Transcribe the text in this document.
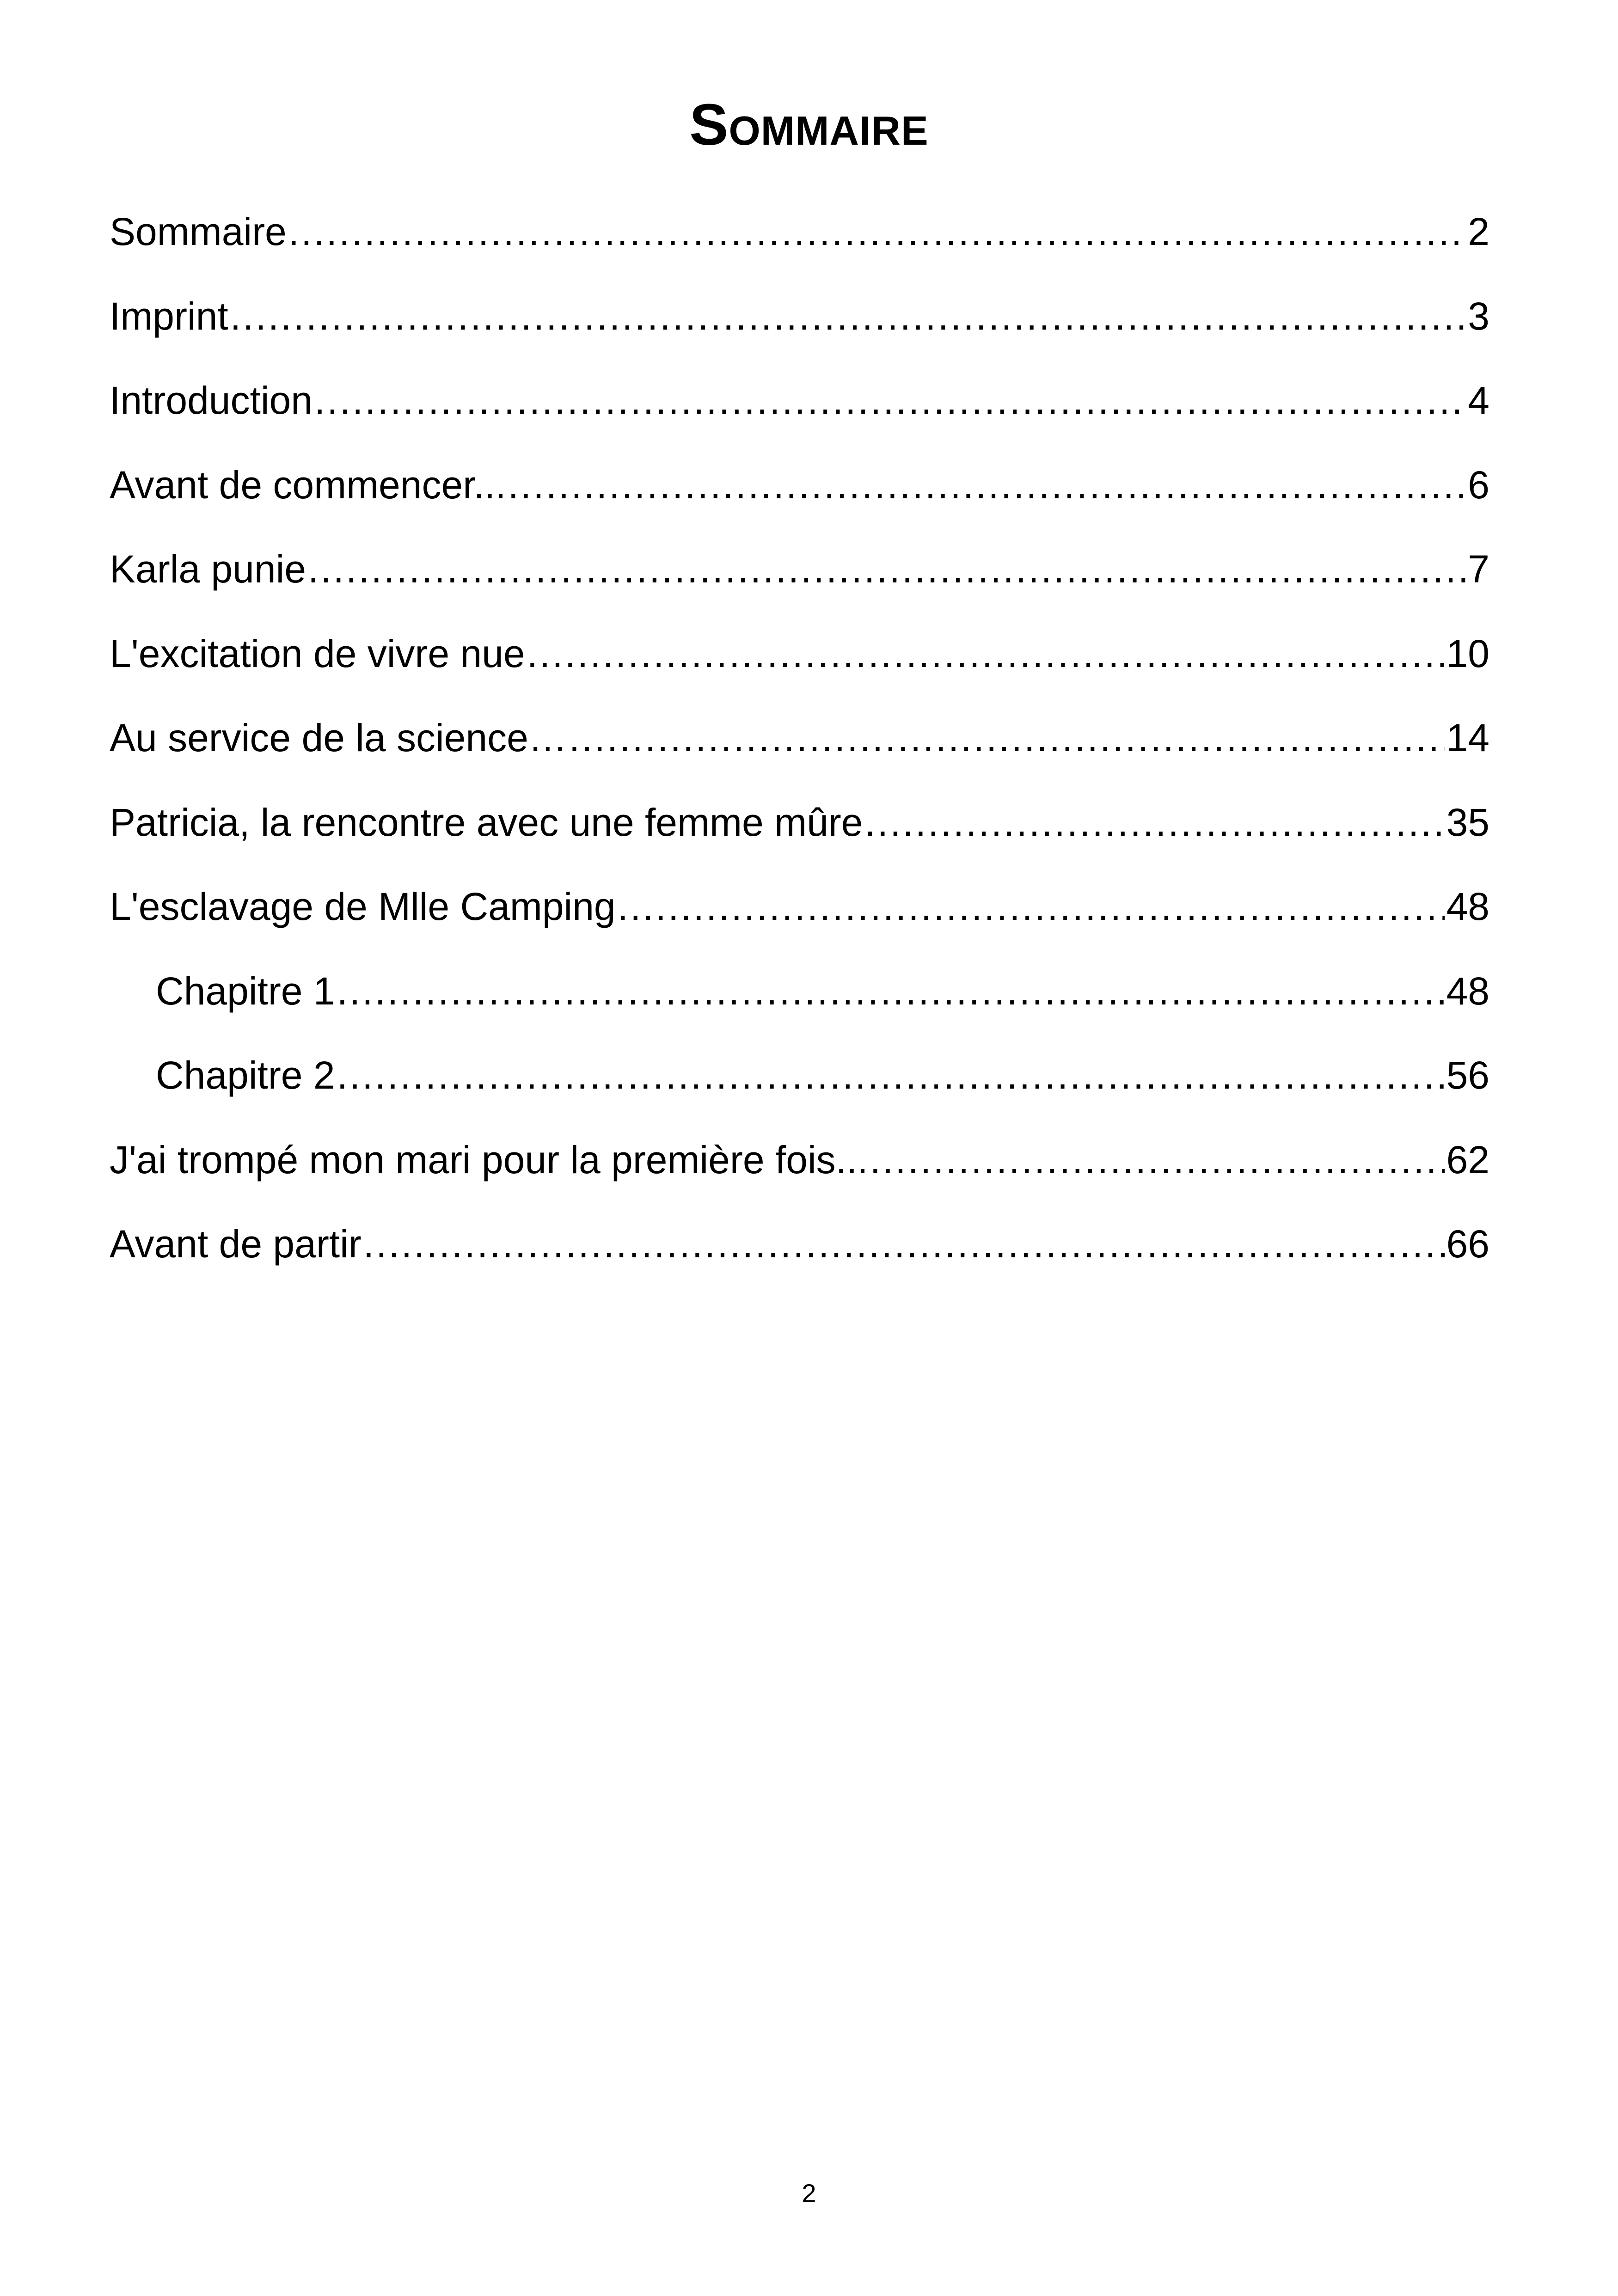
Sommaire
Sommaire .....	2
Imprint .....	3
Introduction .....	4
Avant de commencer... .....	6
Karla punie .....	7
L'excitation de vivre nue .....	10
Au service de la science… .....	14
Patricia, la rencontre avec une femme mûre .....	35
L'esclavage de Mlle Camping .....	48
Chapitre 1 .....	48
Chapitre 2 .....	56
J'ai trompé mon mari pour la première fois... .....	62
Avant de partir .....	66
2
